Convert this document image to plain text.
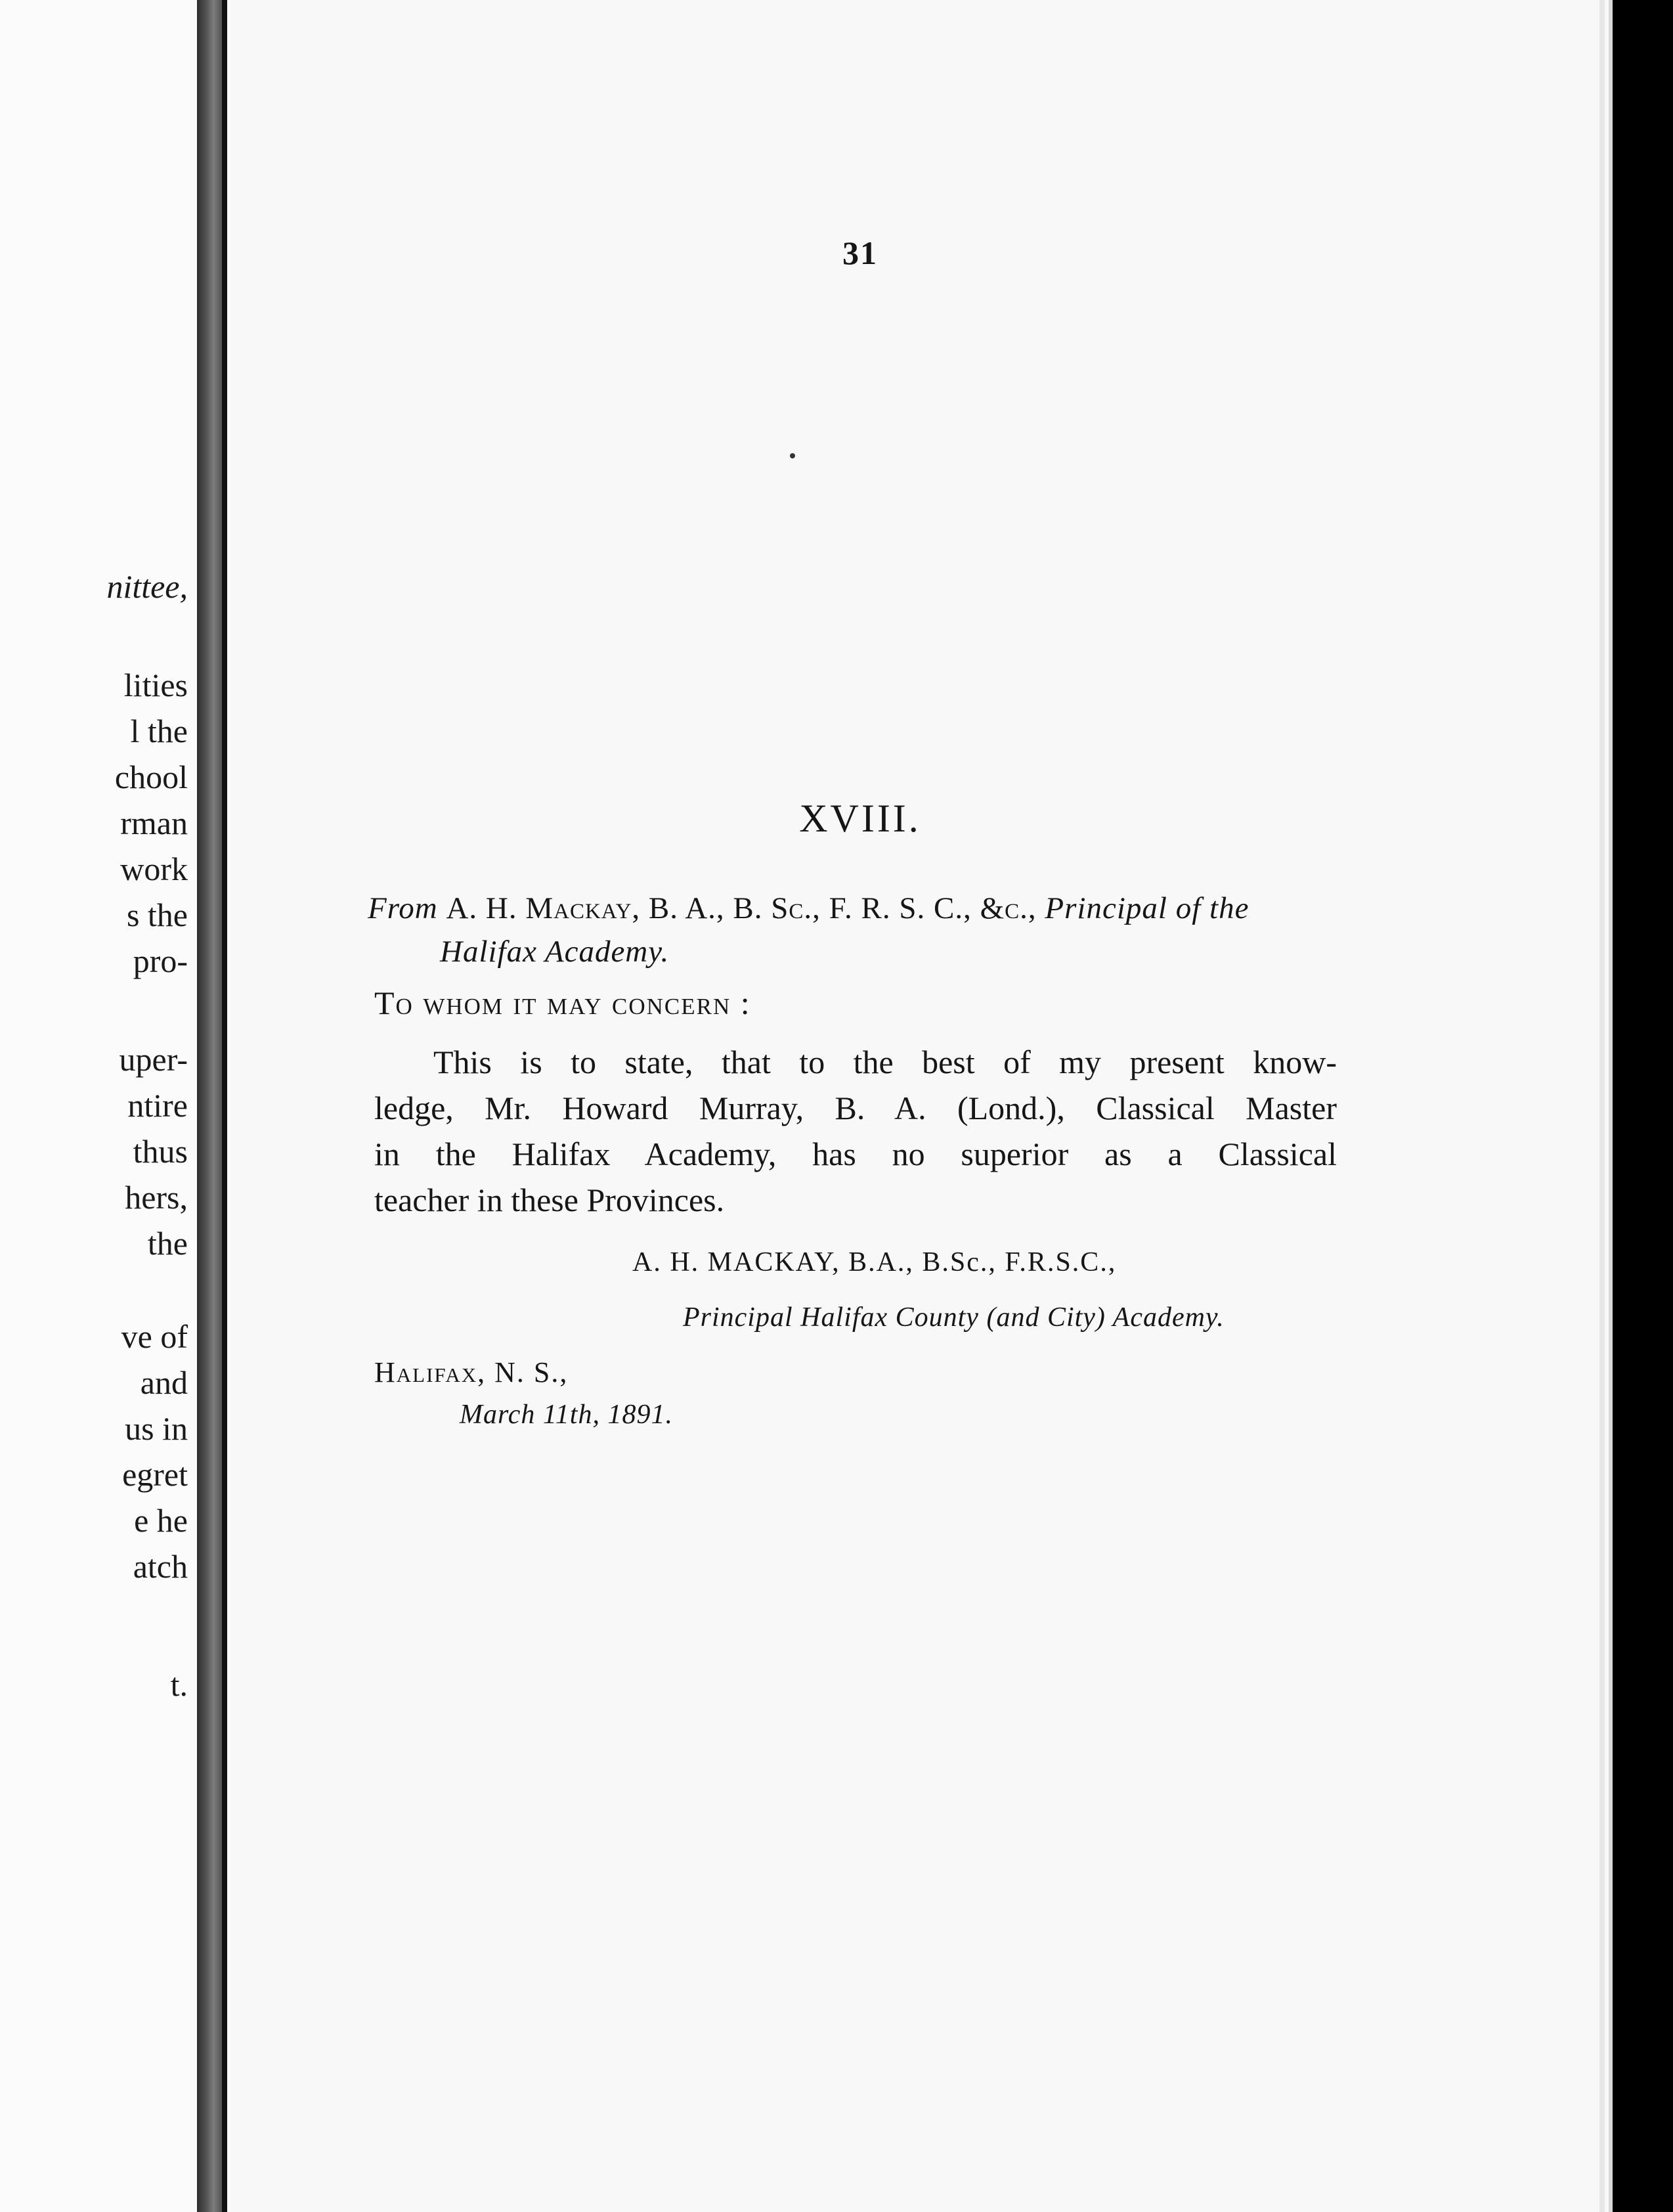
nittee,
lities
l the
chool
rman
work
s the
pro-
uper-
ntire
thus
hers,
the
ve of
and
us in
egret
e he
atch
t.
31
XVIII.
From A. H. Mackay, B. A., B. Sc., F. R. S. C., &c., Principal of the
Halifax Academy.
To whom it may concern :
This is to state, that to the best of my present know-
ledge, Mr. Howard Murray, B. A. (Lond.), Classical Master
in the Halifax Academy, has no superior as a Classical
teacher in these Provinces.
A. H. MACKAY, B.A., B.Sc., F.R.S.C.,
Principal Halifax County (and City) Academy.
Halifax, N. S.,
March 11th, 1891.
